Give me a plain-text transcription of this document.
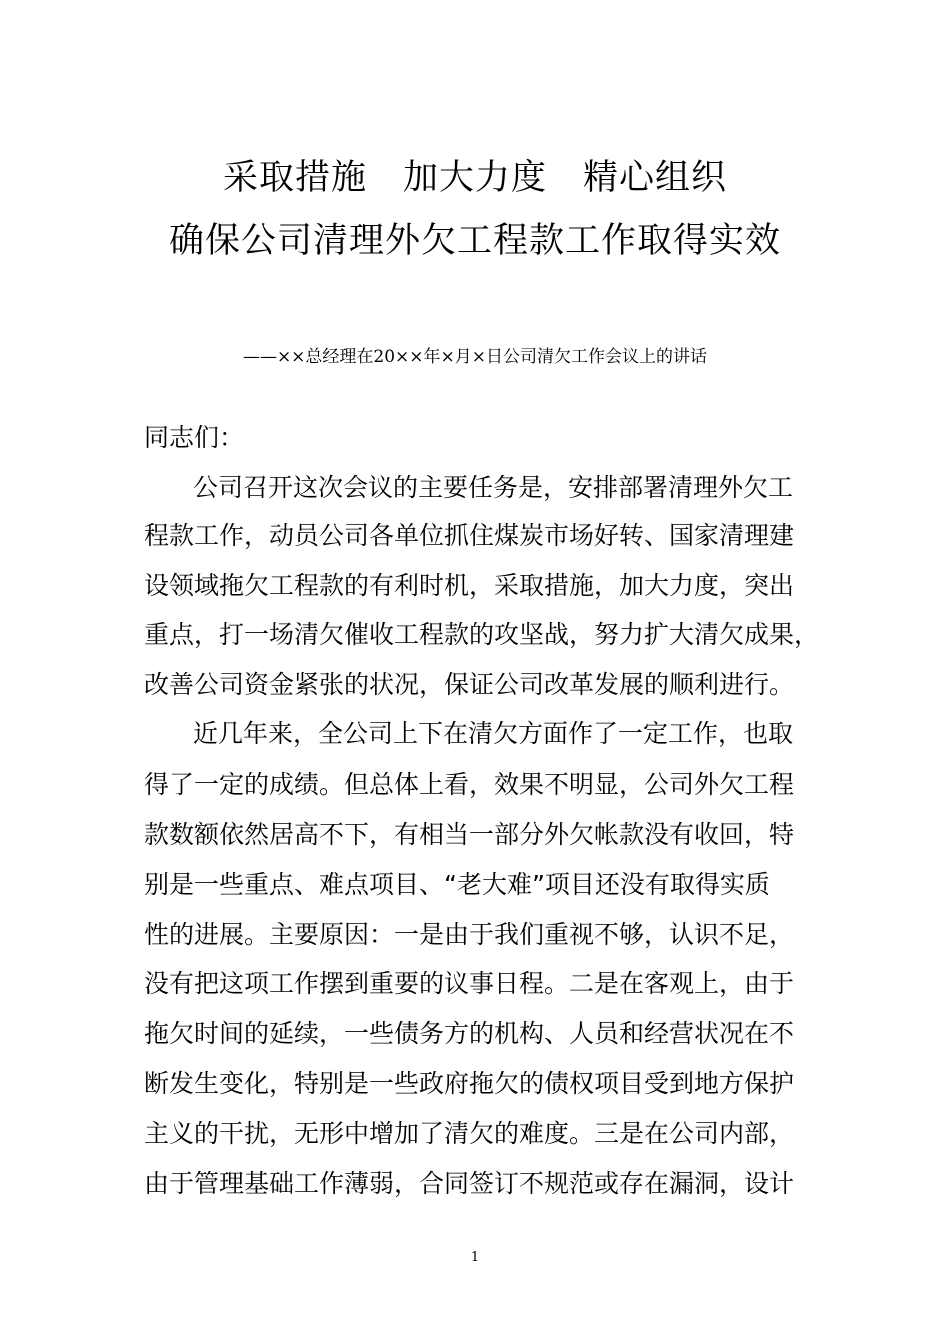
采取措施　加大力度　精心组织
确保公司清理外欠工程款工作取得实效
——××总经理在20××年×月×日公司清欠工作会议上的讲话
同志们：
公司召开这次会议的主要任务是，安排部署清理外欠工
程款工作，动员公司各单位抓住煤炭市场好转、国家清理建
设领域拖欠工程款的有利时机，采取措施，加大力度，突出
重点，打一场清欠催收工程款的攻坚战，努力扩大清欠成果，
改善公司资金紧张的状况，保证公司改革发展的顺利进行。
近几年来，全公司上下在清欠方面作了一定工作，也取
得了一定的成绩。但总体上看，效果不明显，公司外欠工程
款数额依然居高不下，有相当一部分外欠帐款没有收回，特
别是一些重点、难点项目、“老大难”项目还没有取得实质
性的进展。主要原因：一是由于我们重视不够，认识不足，
没有把这项工作摆到重要的议事日程。二是在客观上，由于
拖欠时间的延续，一些债务方的机构、人员和经营状况在不
断发生变化，特别是一些政府拖欠的债权项目受到地方保护
主义的干扰，无形中增加了清欠的难度。三是在公司内部，
由于管理基础工作薄弱，合同签订不规范或存在漏洞，设计
1
